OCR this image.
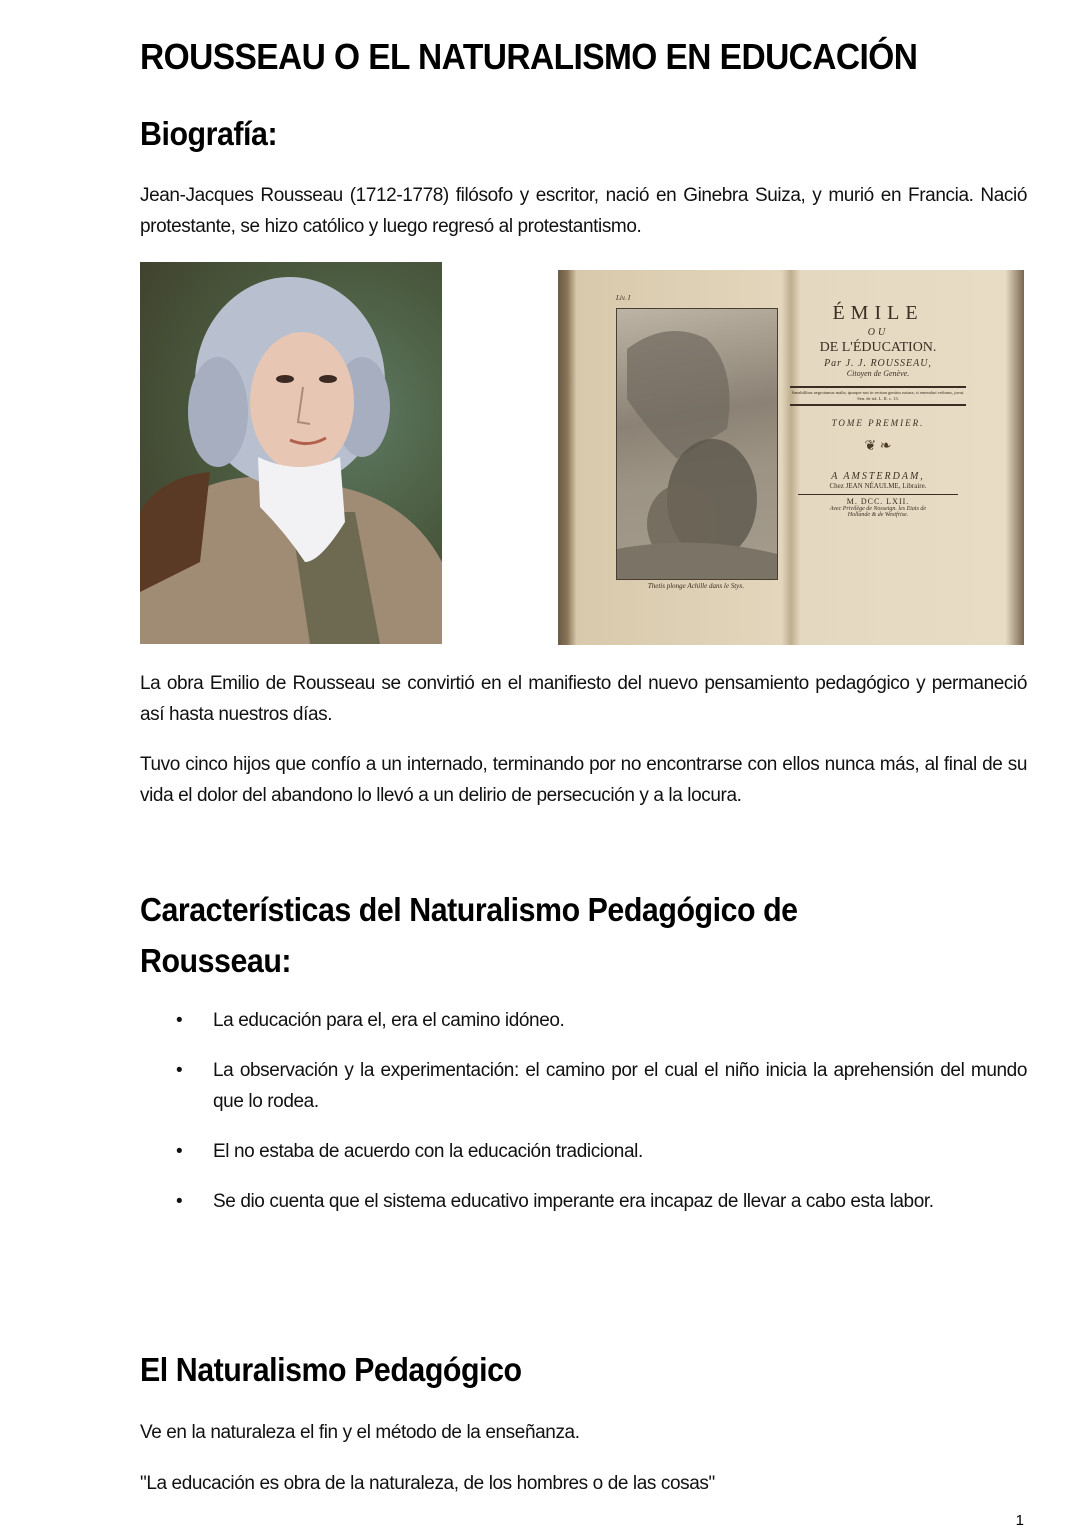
ROUSSEAU O EL NATURALISMO EN EDUCACIÓN
Biografía:

Jean-Jacques Rousseau (1712-1778) filósofo y escritor, nació en Ginebra Suiza, y murió en Francia. Nació protestante, se hizo católico y luego regresó al protestantismo.

Liv. I
Thetis plonge Achille dans le Styx.
ÉMILE
OU
DE L'ÉDUCATION.
Par J. J. ROUSSEAU,
Citoyen de Genève.
Sanabilibus aegrotamus malis; ipsaque nos in rectum genitos natura, si emendari velimus, juvat. Sen. de irâ. L. II. c. 13.
TOME PREMIER.
❦ ❧
A AMSTERDAM,
Chez JEAN NÉAULME, Libraire.
M. DCC. LXII.
Avec Privilège de Nosseign. les Etats de
Hollande & de Westfrise.

La obra Emilio de Rousseau se convirtió en el manifiesto del nuevo pensamiento pedagógico y permaneció así hasta nuestros días.

Tuvo cinco hijos que confío a un internado, terminando por no encontrarse con ellos nunca más, al final de su vida el dolor del abandono lo llevó a un delirio de persecución y a la locura.

Características del Naturalismo Pedagógico de
Rousseau:
• La educación para el, era el camino idóneo.
• La observación y la experimentación: el camino por el cual el niño inicia la aprehensión del mundo que lo rodea.
• El no estaba de acuerdo con la educación tradicional.
• Se dio cuenta que el sistema educativo imperante era incapaz de llevar a cabo esta labor.
El Naturalismo Pedagógico

Ve en la naturaleza el fin y el método de la enseñanza.

"La educación es obra de la naturaleza, de los hombres o de las cosas"

1
